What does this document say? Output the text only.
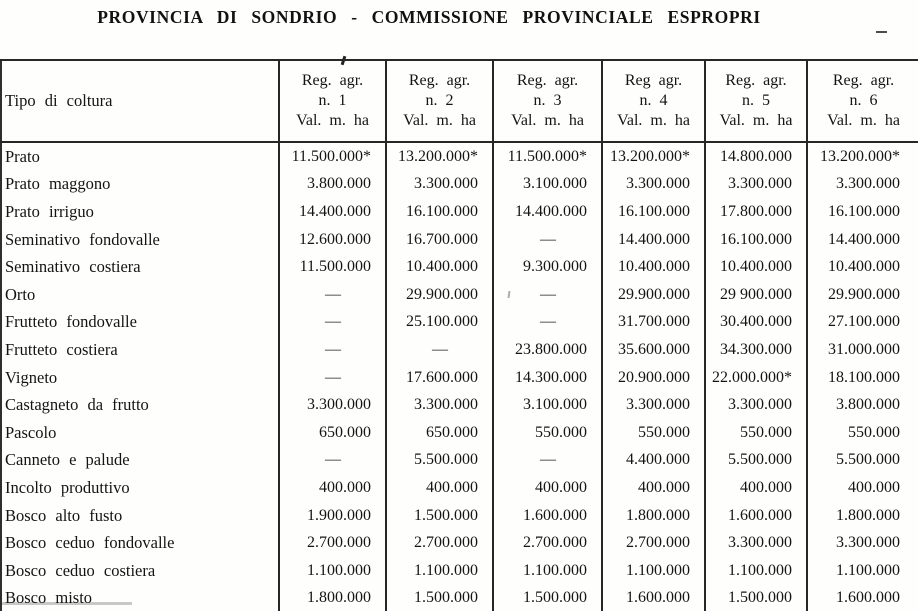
PROVINCIA DI SONDRIO - COMMISSIONE PROVINCIALE ESPROPRI
Tipo di coltura	Reg. agr.
n. 1
Val. m. ha	Reg. agr.
n. 2
Val. m. ha	Reg. agr.
n. 3
Val. m. ha	Reg agr.
n. 4
Val. m. ha	Reg. agr.
n. 5
Val. m. ha	Reg. agr.
n. 6
Val. m. ha

Prato	11.500.000*	13.200.000*	11.500.000*	13.200.000*	14.800.000	13.200.000*
Prato maggono	3.800.000	3.300.000	3.100.000	3.300.000	3.300.000	3.300.000
Prato irriguo	14.400.000	16.100.000	14.400.000	16.100.000	17.800.000	16.100.000
Seminativo fondovalle	12.600.000	16.700.000	—	14.400.000	16.100.000	14.400.000
Seminativo costiera	11.500.000	10.400.000	9.300.000	10.400.000	10.400.000	10.400.000
Orto	—	29.900.000	—	29.900.000	29 900.000	29.900.000
Frutteto fondovalle	—	25.100.000	—	31.700.000	30.400.000	27.100.000
Frutteto costiera	—	—	23.800.000	35.600.000	34.300.000	31.000.000
Vigneto	—	17.600.000	14.300.000	20.900.000	22.000.000*	18.100.000
Castagneto da frutto	3.300.000	3.300.000	3.100.000	3.300.000	3.300.000	3.800.000
Pascolo	650.000	650.000	550.000	550.000	550.000	550.000
Canneto e palude	—	5.500.000	—	4.400.000	5.500.000	5.500.000
Incolto produttivo	400.000	400.000	400.000	400.000	400.000	400.000
Bosco alto fusto	1.900.000	1.500.000	1.600.000	1.800.000	1.600.000	1.800.000
Bosco ceduo fondovalle	2.700.000	2.700.000	2.700.000	2.700.000	3.300.000	3.300.000
Bosco ceduo costiera	1.100.000	1.100.000	1.100.000	1.100.000	1.100.000	1.100.000
Bosco misto	1.800.000	1.500.000	1.500.000	1.600.000	1.500.000	1.600.000
